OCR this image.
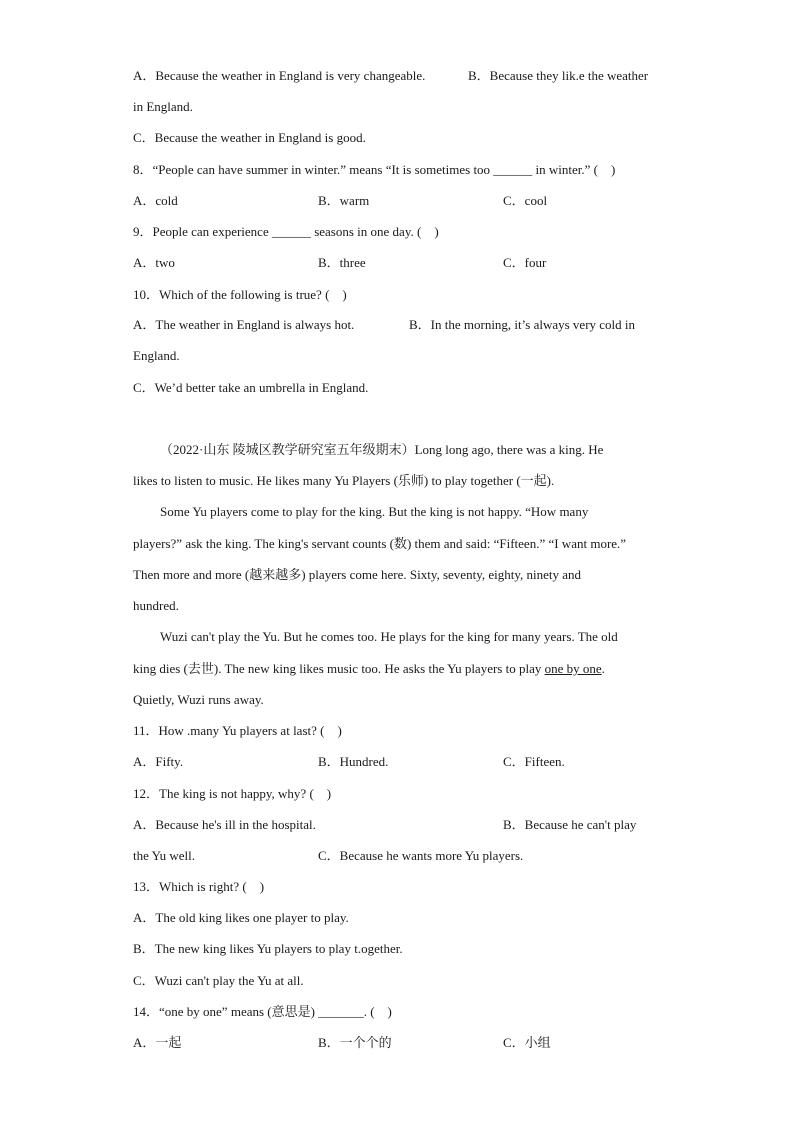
A．Because the weather in England is very changeable.	B．Because they lik.e the weather
in England.
C．Because the weather in England is good.
8．“People can have summer in winter.” means “It is sometimes too ______ in winter.” (　)
A．cold	B．warm	C．cool
9．People can experience ______ seasons in one day. (　)
A．two	B．three	C．four
10．Which of the following is true? (　)
A．The weather in England is always hot.	B．In the morning, it’s always very cold in
England.
C．We’d better take an umbrella in England.
（2022·山东 陵城区教学研究室五年级期末）Long long ago, there was a king. He
likes to listen to music. He likes many Yu Players (乐师) to play together (一起).
Some Yu players come to play for the king. But the king is not happy. “How many
players?” ask the king. The king's servant counts (数) them and said: “Fifteen.” “I want more.”
Then more and more (越来越多) players come here. Sixty, seventy, eighty, ninety and
hundred.
Wuzi can't play the Yu. But he comes too. He plays for the king for many years. The old
king dies (去世). The new king likes music too. He asks the Yu players to play one by one.
Quietly, Wuzi runs away.
11．How .many Yu players at last? (　)
A．Fifty.	B．Hundred.	C．Fifteen.
12．The king is not happy, why? (　)
A．Because he's ill in the hospital.	B．Because he can't play
the Yu well.	C．Because he wants more Yu players.
13．Which is right? (　)
A．The old king likes one player to play.
B．The new king likes Yu players to play t.ogether.
C．Wuzi can't play the Yu at all.
14．“one by one” means (意思是) _______. (　)
A．一起	B．一个个的	C．小组
